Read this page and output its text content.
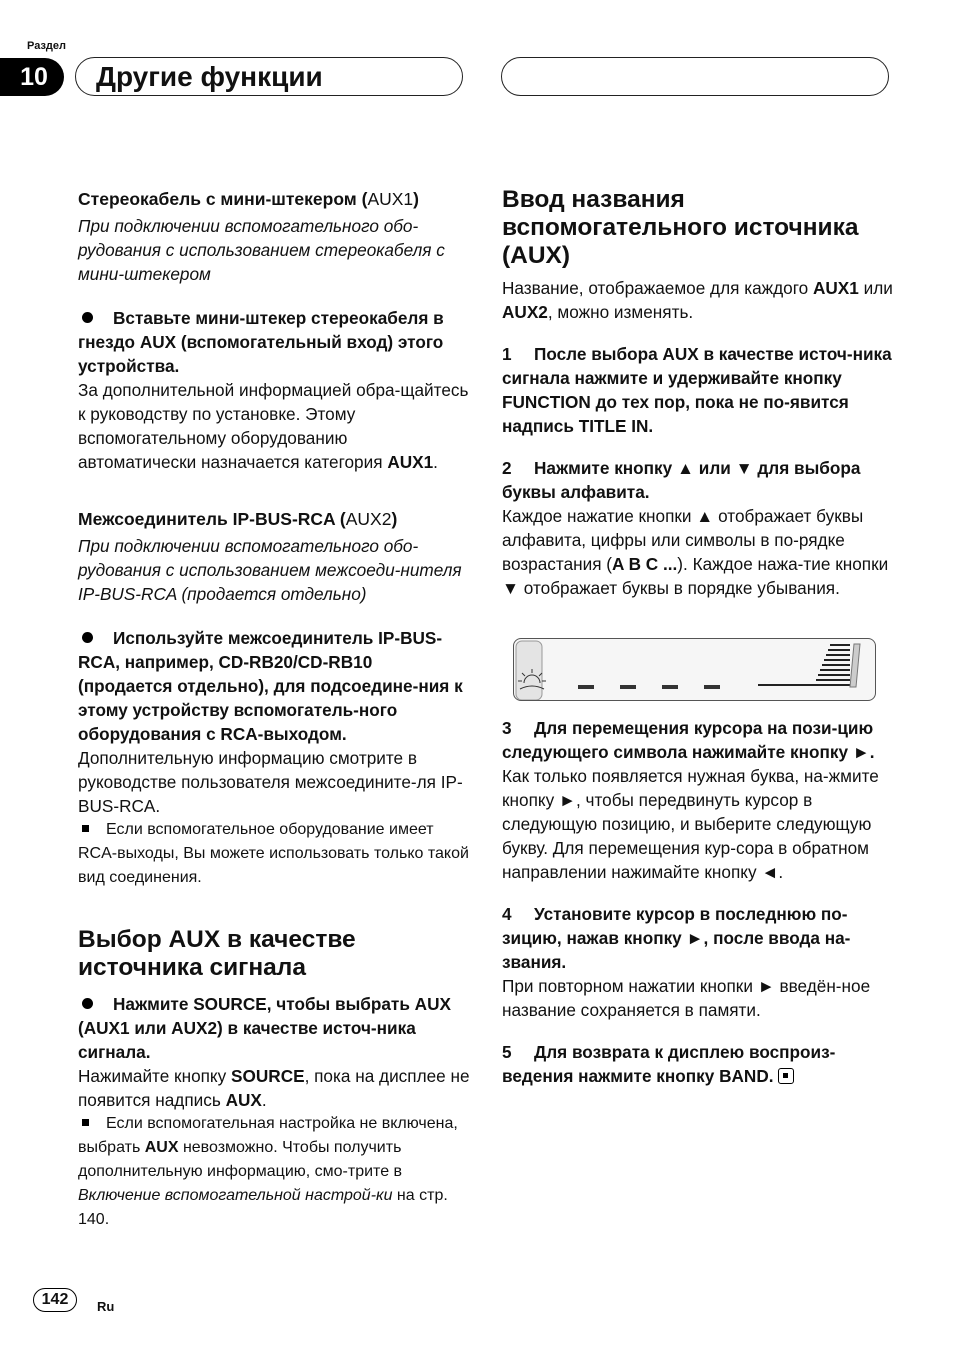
Раздел
10	Другие функции

Стереокабель с мини-штекером (AUX1)

При подключении вспомогательного обо-рудования с использованием стереокабеля с мини-штекером

Вставьте мини-штекер стереокабеля в гнездо AUX (вспомогательный вход) этого устройства.

За дополнительной информацией обра-щайтесь к руководству по установке. Этому вспомогательному оборудованию автоматически назначается категория AUX1.

Межсоединитель IP-BUS-RCA (AUX2)

При подключении вспомогательного обо-рудования с использованием межсоеди-нителя IP-BUS-RCA (продается отдельно)

Используйте межсоединитель IP-BUS-RCA, например, CD-RB20/CD-RB10 (продается отдельно), для подсоедине-ния к этому устройству вспомогатель-ного оборудования с RCA-выходом.

Дополнительную информацию смотрите в руководстве пользователя межсоедините-ля IP-BUS-RCA.

Если вспомогательное оборудование имеет RCA-выходы, Вы можете использовать только такой вид соединения.

Выбор AUX в качестве источника сигнала

Нажмите SOURCE, чтобы выбрать AUX (AUX1 или AUX2) в качестве источ-ника сигнала.

Нажимайте кнопку SOURCE, пока на дисплее не появится надпись AUX.

Если вспомогательная настройка не включена, выбрать AUX невозможно. Чтобы получить дополнительную информацию, смо-трите в Включение вспомогательной настрой-ки на стр. 140.

Ввод названия вспомогательного источника (AUX)

Название, отображаемое для каждого AUX1 или AUX2, можно изменять.

1 После выбора AUX в качестве источ-ника сигнала нажмите и удерживайте кнопку FUNCTION до тех пор, пока не по-явится надпись TITLE IN.

2 Нажмите кнопку ▲ или ▼ для выбора буквы алфавита.

Каждое нажатие кнопки ▲ отображает буквы алфавита, цифры или символы в по-рядке возрастания (A B C ...). Каждое нажа-тие кнопки ▼ отображает буквы в порядке убывания.

3 Для перемещения курсора на пози-цию следующего символа нажимайте кнопку ►.

Как только появляется нужная буква, на-жмите кнопку ►, чтобы передвинуть курсор в следующую позицию, и выберите следующую букву. Для перемещения кур-сора в обратном направлении нажимайте кнопку ◄.

4 Установите курсор в последнюю по-зицию, нажав кнопку ►, после ввода на-звания.

При повторном нажатии кнопки ► введён-ное название сохраняется в памяти.

5 Для возврата к дисплею воспроиз-ведения нажмите кнопку BAND.

142	Ru
